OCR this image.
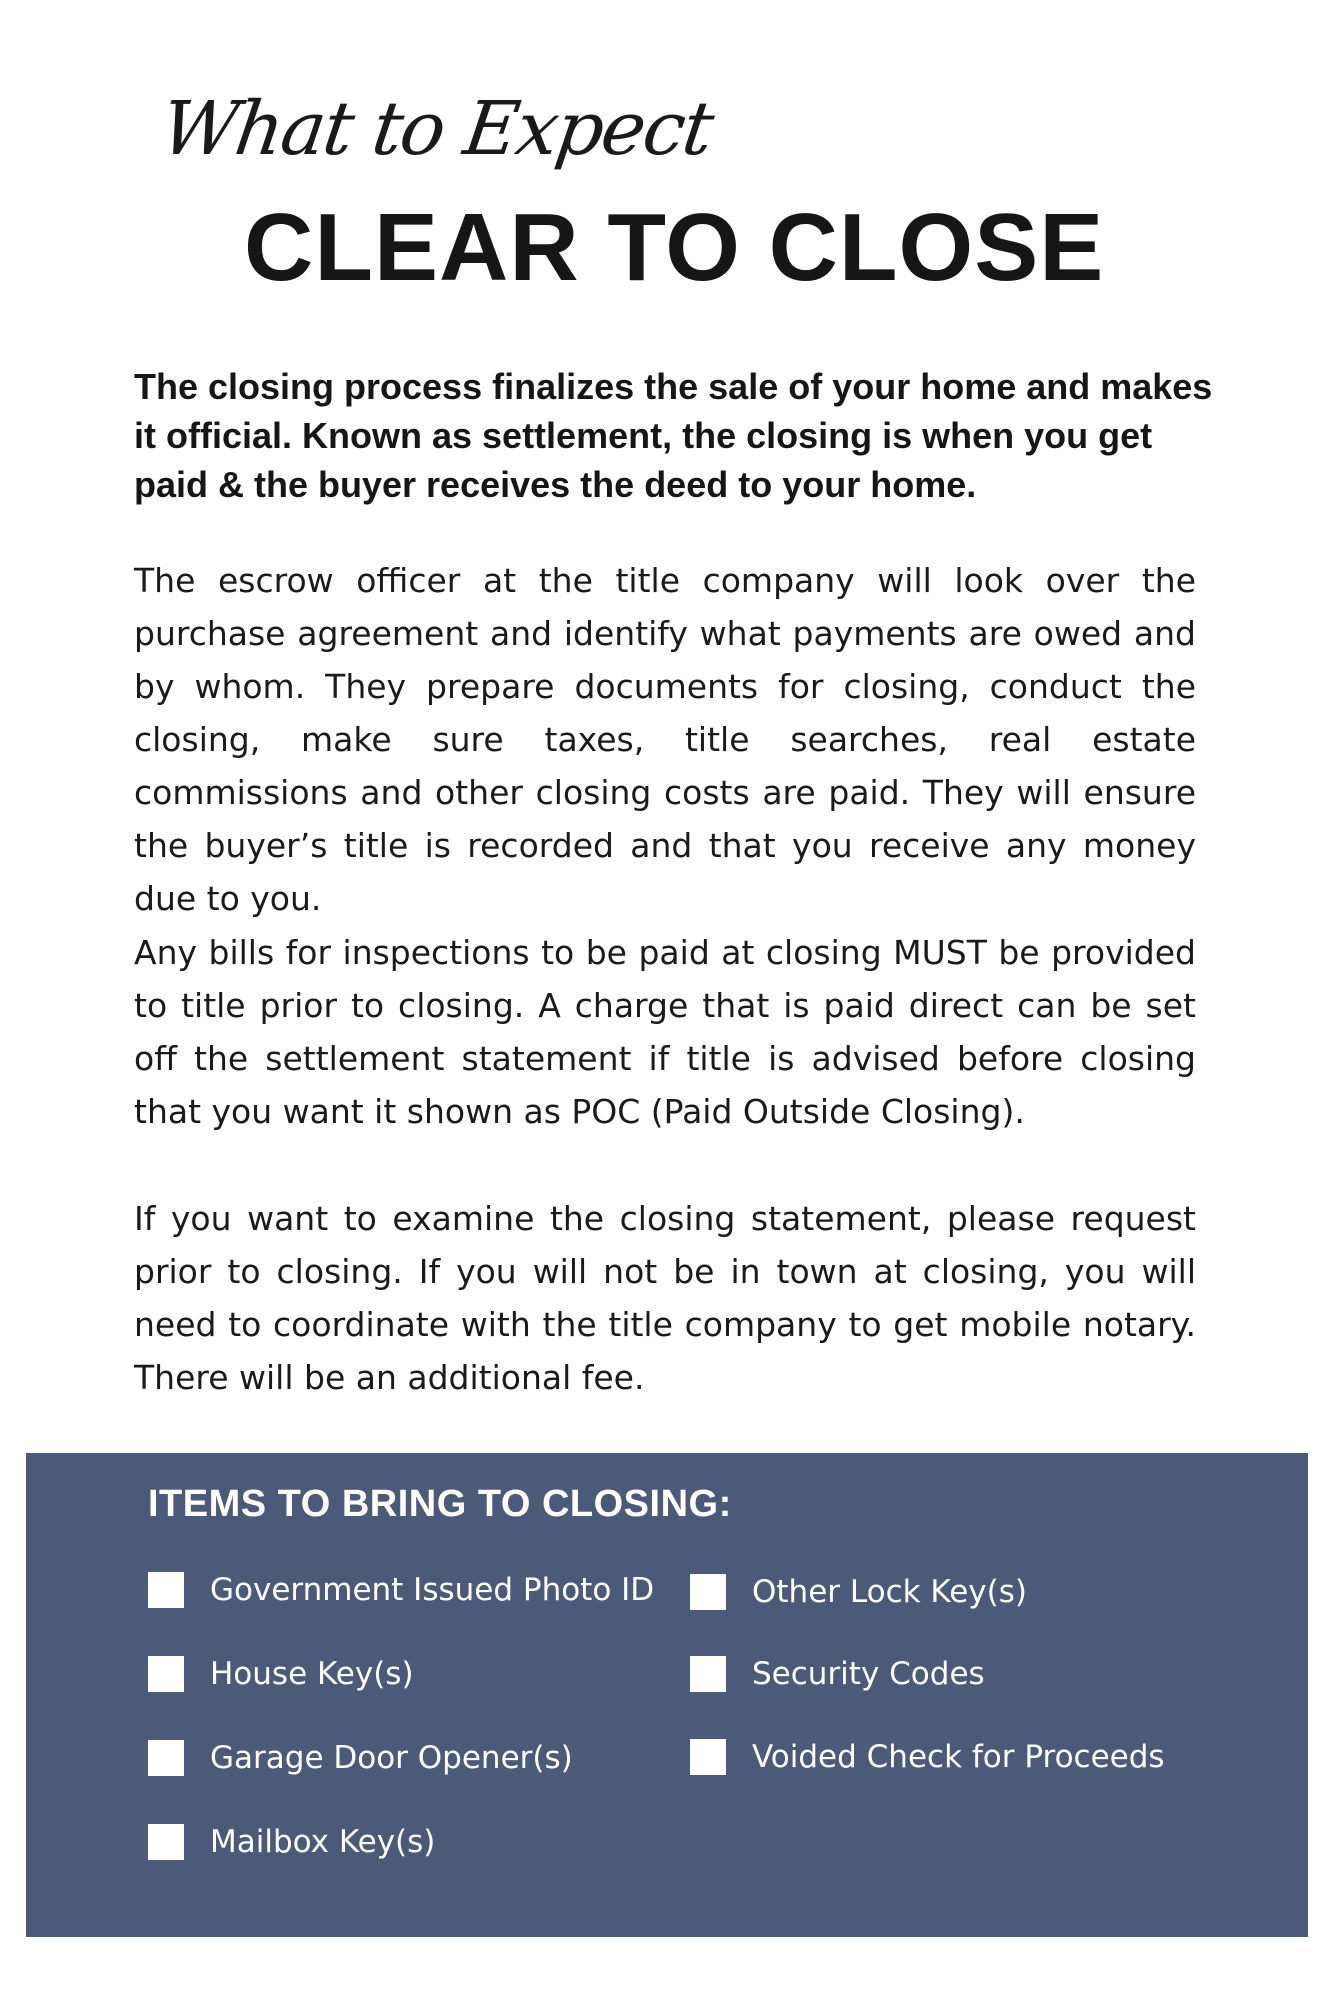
What to Expect
CLEAR TO CLOSE
The closing process finalizes the sale of your home and makes it official. Known as settlement, the closing is when you get paid & the buyer receives the deed to your home.
The escrow officer at the title company will look over the purchase agreement and identify what payments are owed and by whom. They prepare documents for closing, conduct the closing, make sure taxes, title searches, real estate commissions and other closing costs are paid. They will ensure the buyer’s title is recorded and that you receive any money due to you.
Any bills for inspections to be paid at closing MUST be provided to title prior to closing. A charge that is paid direct can be set off the settlement statement if title is advised before closing that you want it shown as POC (Paid Outside Closing).
If you want to examine the closing statement, please request prior to closing. If you will not be in town at closing, you will need to coordinate with the title company to get mobile notary. There will be an additional fee.
ITEMS TO BRING TO CLOSING:
Government Issued Photo ID
House Key(s)
Garage Door Opener(s)
Mailbox Key(s)
Other Lock Key(s)
Security Codes
Voided Check for Proceeds
